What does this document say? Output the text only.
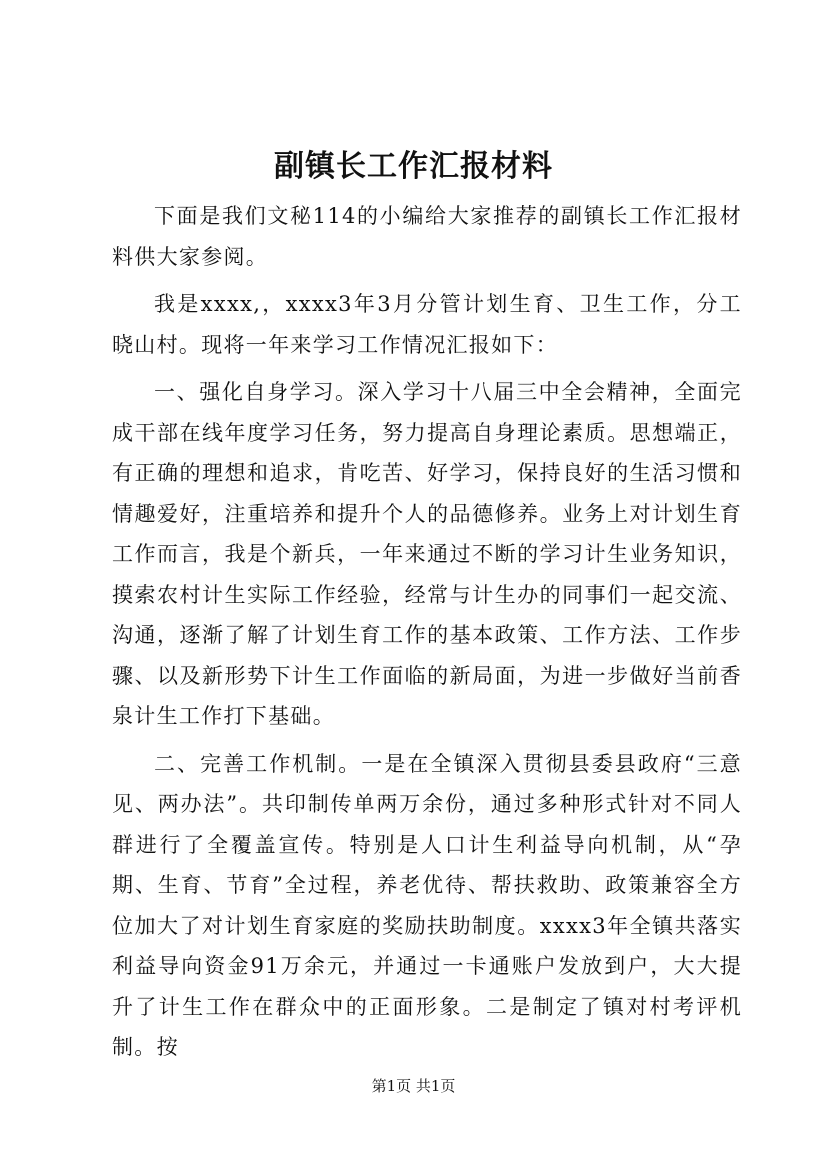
副镇长工作汇报材料

下面是我们文秘114的小编给大家推荐的副镇长工作汇报材料供大家参阅。

我是xxxx,，xxxx3年3月分管计划生育、卫生工作，分工晓山村。现将一年来学习工作情况汇报如下：

一、强化自身学习。深入学习十八届三中全会精神，全面完成干部在线年度学习任务，努力提高自身理论素质。思想端正，有正确的理想和追求，肯吃苦、好学习，保持良好的生活习惯和情趣爱好，注重培养和提升个人的品德修养。业务上对计划生育工作而言，我是个新兵，一年来通过不断的学习计生业务知识，摸索农村计生实际工作经验，经常与计生办的同事们一起交流、沟通，逐渐了解了计划生育工作的基本政策、工作方法、工作步骤、以及新形势下计生工作面临的新局面，为进一步做好当前香泉计生工作打下基础。

二、完善工作机制。一是在全镇深入贯彻县委县政府“三意见、两办法”。共印制传单两万余份，通过多种形式针对不同人群进行了全覆盖宣传。特别是人口计生利益导向机制，从“孕期、生育、节育”全过程，养老优待、帮扶救助、政策兼容全方位加大了对计划生育家庭的奖励扶助制度。xxxx3年全镇共落实利益导向资金91万余元，并通过一卡通账户发放到户，大大提升了计生工作在群众中的正面形象。二是制定了镇对村考评机制。按

第1页 共1页
